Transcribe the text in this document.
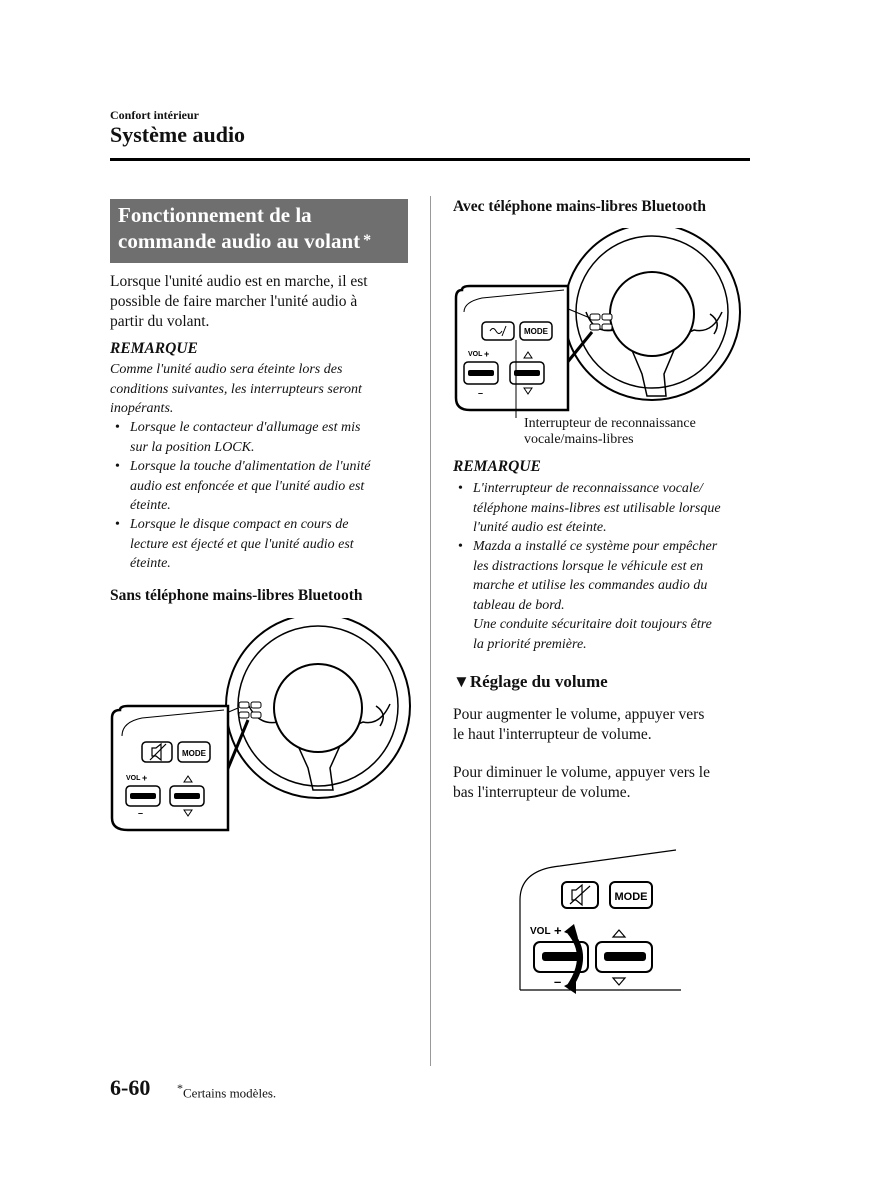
Confort intérieur
Système audio
Fonctionnement de la
commande audio au volant *
Lorsque l'unité audio est en marche, il est
possible de faire marcher l'unité audio à
partir du volant.
REMARQUE
Comme l'unité audio sera éteinte lors des
conditions suivantes, les interrupteurs seront
inopérants.
• Lorsque le contacteur d'allumage est mis
sur la position LOCK.
• Lorsque la touche d'alimentation de l'unité
audio est enfoncée et que l'unité audio est
éteinte.
• Lorsque le disque compact en cours de
lecture est éjecté et que l'unité audio est
éteinte.
Sans téléphone mains-libres Bluetooth
MODE
VOL +
–
Avec téléphone mains-libres Bluetooth
MODE
VOL +
–
Interrupteur de reconnaissance
vocale/mains-libres
REMARQUE
• L'interrupteur de reconnaissance vocale/
téléphone mains-libres est utilisable lorsque
l'unité audio est éteinte.
• Mazda a installé ce système pour empêcher
les distractions lorsque le véhicule est en
marche et utilise les commandes audio du
tableau de bord.
Une conduite sécuritaire doit toujours être
la priorité première.
▼Réglage du volume
Pour augmenter le volume, appuyer vers
le haut l'interrupteur de volume.
Pour diminuer le volume, appuyer vers le
bas l'interrupteur de volume.
MODE
VOL +
–
6-60 *Certains modèles.
